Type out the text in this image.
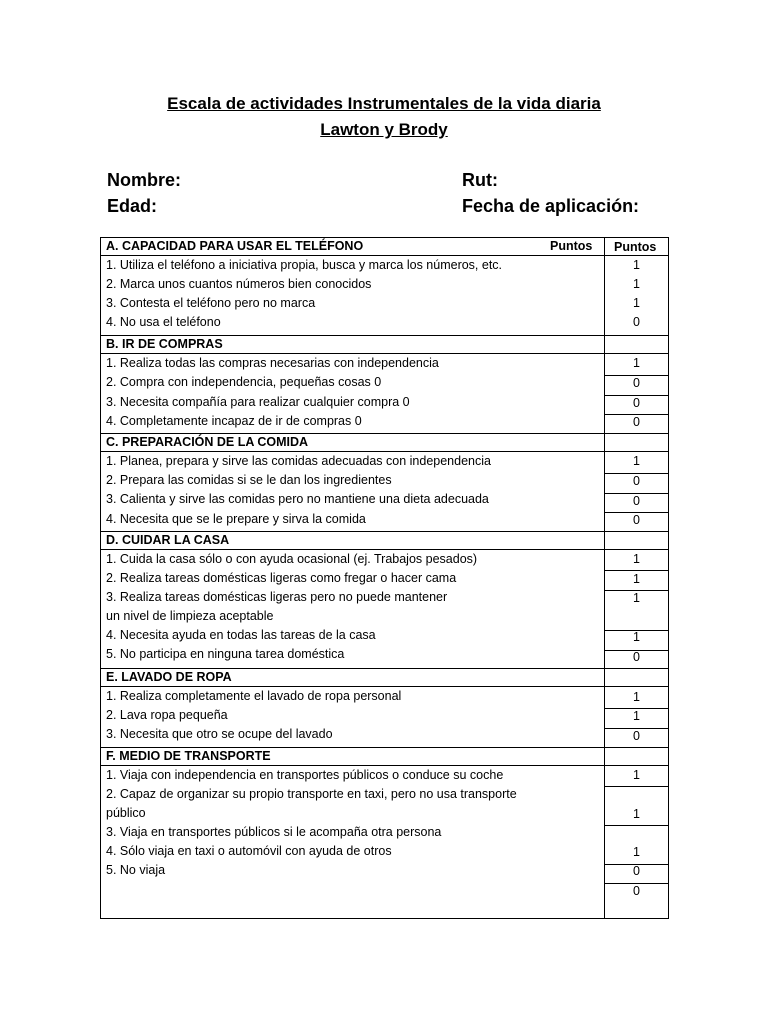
Escala de actividades Instrumentales de la vida diaria
Lawton y Brody
Nombre:
Edad:
Rut:
Fecha de aplicación:
Puntos
A. CAPACIDAD PARA USAR EL TELÉFONO	Puntos
1. Utiliza el teléfono a iniciativa propia, busca y marca los números, etc.
2. Marca unos cuantos números bien conocidos
3. Contesta el teléfono pero no marca
4. No usa el teléfono
1
1
1
0
B. IR DE COMPRAS
1. Realiza todas las compras necesarias con independencia
2. Compra con independencia, pequeñas cosas 0
3. Necesita compañía para realizar cualquier compra 0
4. Completamente incapaz de ir de compras 0
1
0
0
0
C. PREPARACIÓN DE LA COMIDA
1. Planea, prepara y sirve las comidas adecuadas con independencia
2. Prepara las comidas si se le dan los ingredientes
3. Calienta y sirve las comidas pero no mantiene una dieta adecuada
4. Necesita que se le prepare y sirva la comida
1
0
0
0
D. CUIDAR LA CASA
1. Cuida la casa sólo o con ayuda ocasional (ej. Trabajos pesados)
2. Realiza tareas domésticas ligeras como fregar o hacer cama
3. Realiza tareas domésticas ligeras pero no puede mantener
un nivel de limpieza aceptable
4. Necesita ayuda en todas las tareas de la casa
5. No participa en ninguna tarea doméstica
1
1
1
1
0
E. LAVADO DE ROPA
1. Realiza completamente el lavado de ropa personal
2. Lava ropa pequeña
3. Necesita que otro se ocupe del lavado
1
1
0
F. MEDIO DE TRANSPORTE
1. Viaja con independencia en transportes públicos o conduce su coche
2. Capaz de organizar su propio transporte en taxi, pero no usa transporte
público
3. Viaja en transportes públicos si le acompaña otra persona
4. Sólo viaja en taxi o automóvil con ayuda de otros
5. No viaja
1
1
1
0
0
